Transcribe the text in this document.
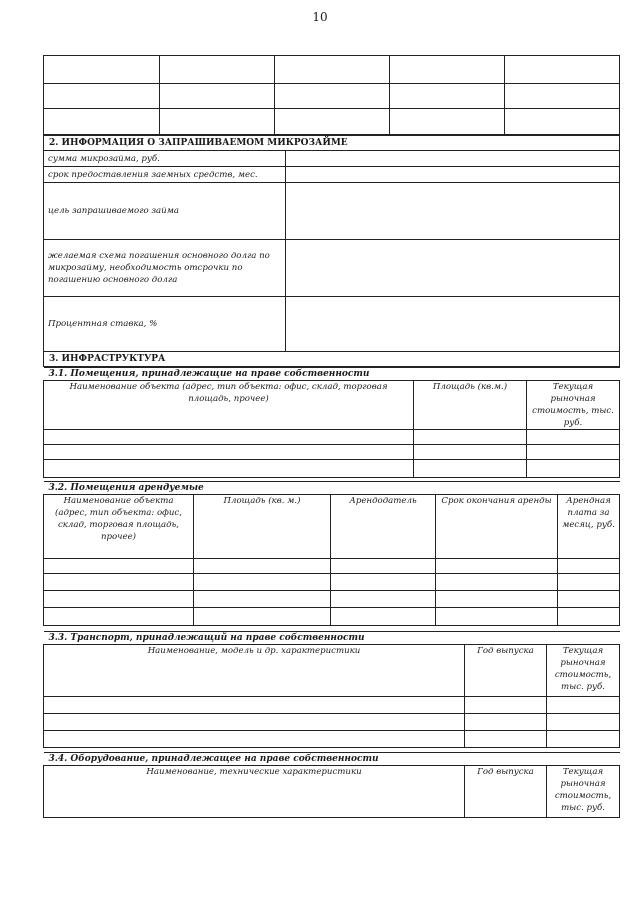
10

2. ИНФОРМАЦИЯ О ЗАПРАШИВАЕМОМ МИКРОЗАЙМЕ	
сумма микрозайма, руб.	
срок предоставления заемных средств, мес.	
цель запрашиваемого займа	
желаемая схема погашения основного долга по микрозайму, необходимость отсрочки по погашению основного долга	
Процентная ставка, %	
3. ИНФРАСТРУКТУРА	
3.1. Помещения, принадлежащие на праве собственности		
Наименование объекта (адрес, тип объекта: офис, склад, торговая площадь, прочее)	Площадь (кв.м.)	Текущая рыночная стоимость, тыс. руб.

3.2. Помещения арендуемые				
Наименование объекта (адрес, тип объекта: офис, склад, торговая площадь, прочее)	Площадь (кв. м.)	Арендодатель	Срок окончания аренды	Арендная плата за месяц, руб.

3.3. Транспорт, принадлежащий на праве собственности		
Наименование, модель и др. характеристики	Год выпуска	Текущая рыночная стоимость, тыс. руб.

3.4. Оборудование, принадлежащее на праве собственности
Наименование, технические характеристики	Год выпуска	Текущая рыночная стоимость, тыс. руб.
